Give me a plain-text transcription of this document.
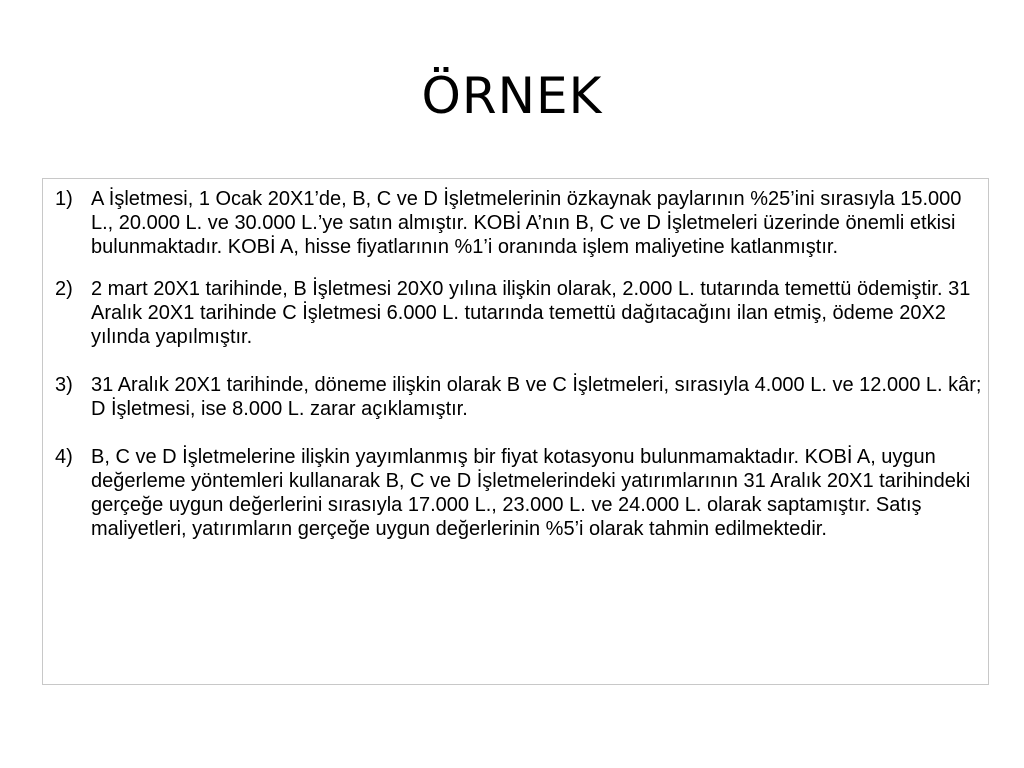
ÖRNEK
1) A İşletmesi, 1 Ocak 20X1’de, B, C ve D İşletmelerinin özkaynak paylarının %25’ini sırasıyla 15.000 L., 20.000 L. ve 30.000 L.’ye satın almıştır. KOBİ A’nın B, C ve D İşletmeleri üzerinde önemli etkisi bulunmaktadır. KOBİ A, hisse fiyatlarının %1’i oranında işlem maliyetine katlanmıştır.
2) 2 mart 20X1 tarihinde, B İşletmesi 20X0 yılına ilişkin olarak, 2.000 L. tutarında temettü ödemiştir. 31 Aralık 20X1 tarihinde C İşletmesi 6.000 L. tutarında temettü dağıtacağını ilan etmiş, ödeme 20X2 yılında yapılmıştır.
3) 31 Aralık 20X1 tarihinde, döneme ilişkin olarak B ve C İşletmeleri, sırasıyla 4.000 L. ve 12.000 L. kâr; D İşletmesi, ise 8.000 L. zarar açıklamıştır.
4) B, C ve D İşletmelerine ilişkin yayımlanmış bir fiyat kotasyonu bulunmamaktadır. KOBİ A, uygun değerleme yöntemleri kullanarak B, C ve D İşletmelerindeki yatırımlarının 31 Aralık 20X1 tarihindeki gerçeğe uygun değerlerini sırasıyla 17.000 L., 23.000 L. ve 24.000 L. olarak saptamıştır. Satış maliyetleri, yatırımların gerçeğe uygun değerlerinin %5’i olarak tahmin edilmektedir.
